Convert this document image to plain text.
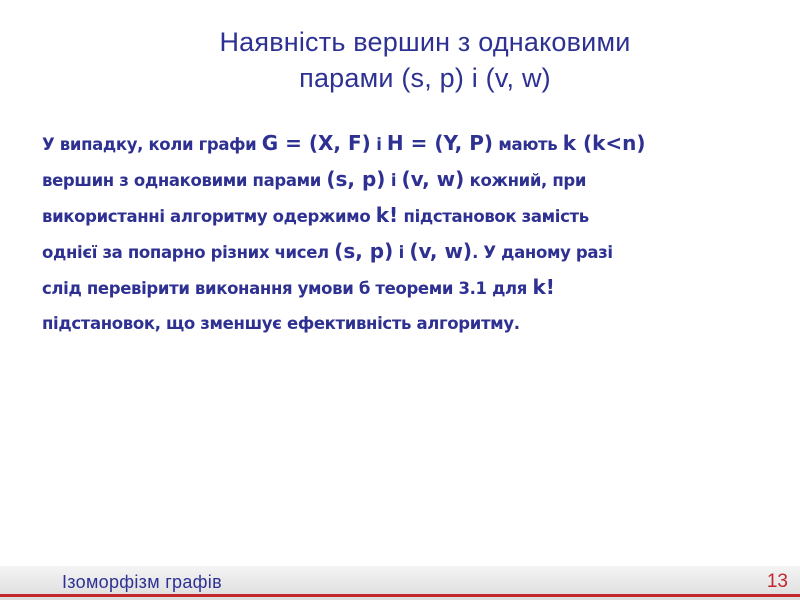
Наявність вершин з однаковими
парами (s, p) і (v, w)
У випадку, коли графи G = (X, F) і H = (Y, P) мають k (k<n)
вершин з однаковими парами (s, p) і (v, w) кожний, при
використанні алгоритму одержимо k! підстановок замість
однієї за попарно різних чисел (s, p) і (v, w). У даному разі
слід перевірити виконання умови б теореми 3.1 для k!
підстановок, що зменшує ефективність алгоритму.
Ізоморфізм графів	13
